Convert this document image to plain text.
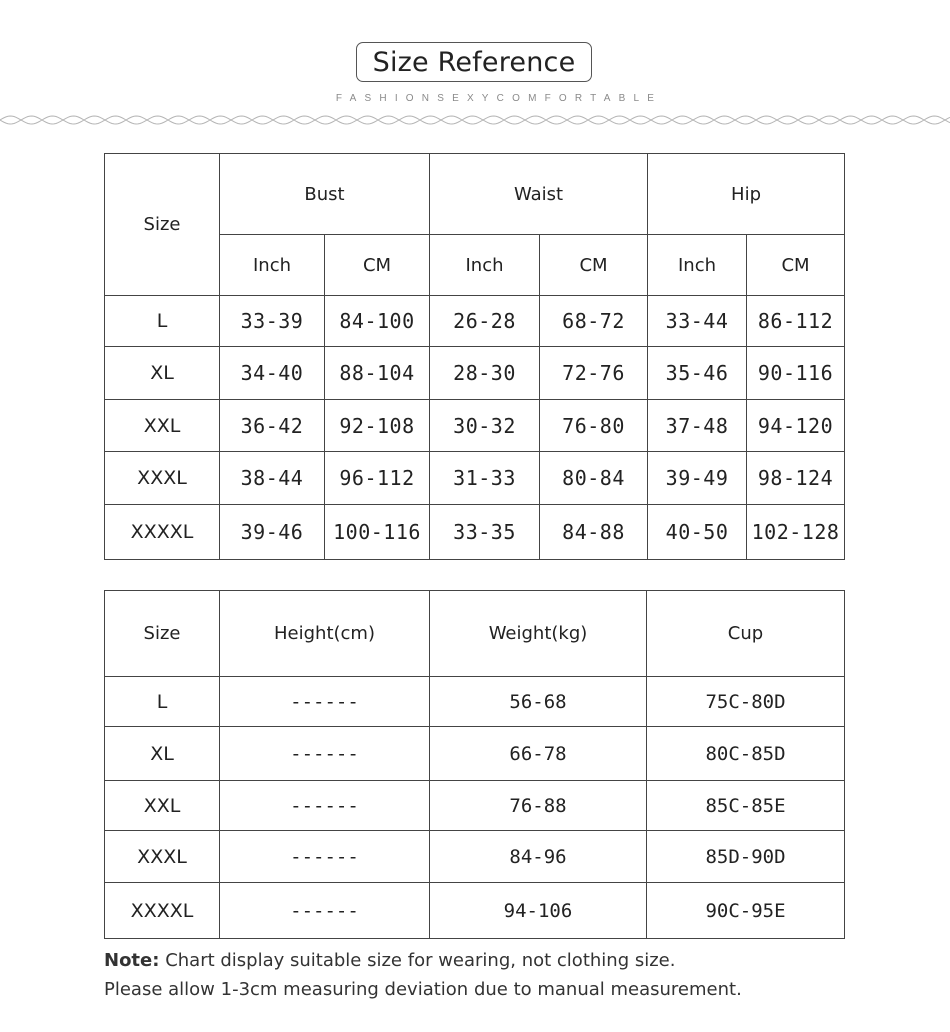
Size Reference
FASHIONSEXYCOMFORTABLE
Size	Bust		Waist		Hip	
	Inch	CM	Inch	CM	Inch	CM
L	33-39	84-100	26-28	68-72	33-44	86-112
XL	34-40	88-104	28-30	72-76	35-46	90-116
XXL	36-42	92-108	30-32	76-80	37-48	94-120
XXXL	38-44	96-112	31-33	80-84	39-49	98-124
XXXXL	39-46	100-116	33-35	84-88	40-50	102-128
Size	Height(cm)	Weight(kg)	Cup
L	------	56-68	75C-80D
XL	------	66-78	80C-85D
XXL	------	76-88	85C-85E
XXXL	------	84-96	85D-90D
XXXXL	------	94-106	90C-95E
Note: Chart display suitable size for wearing, not clothing size.
Please allow 1-3cm measuring deviation due to manual measurement.
